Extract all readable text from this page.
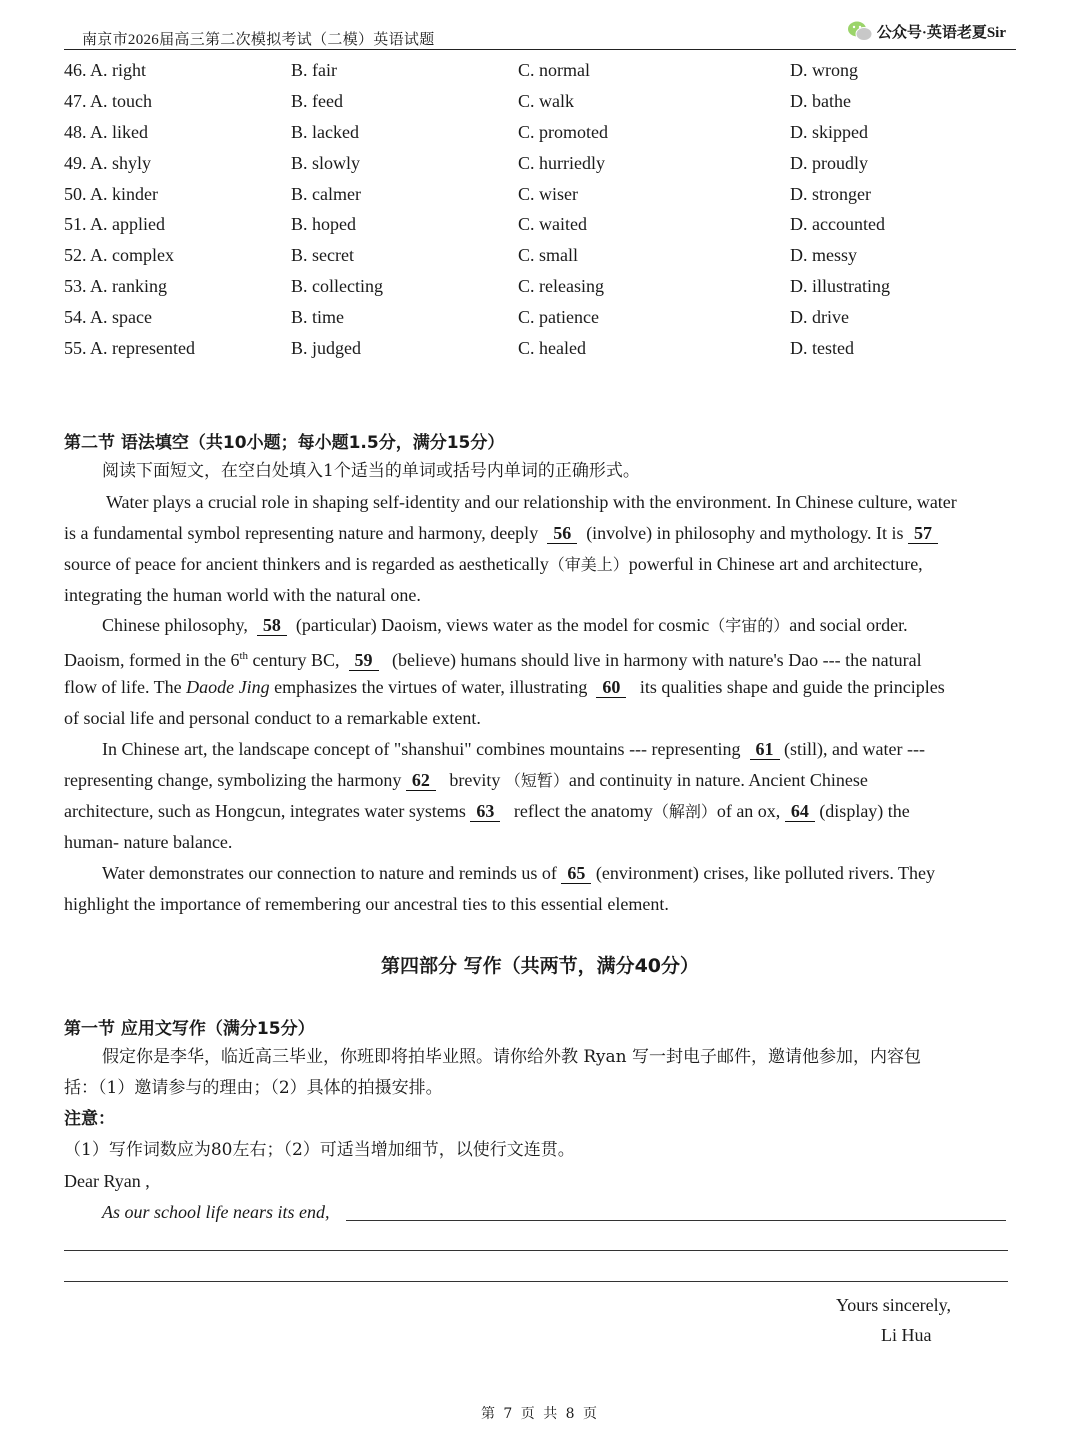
南京市2026届高三第二次模拟考试（二模）英语试题	公众号·英语老夏Sir
46. A. right	B. fair	C. normal	D. wrong
47. A. touch	B. feed	C. walk	D. bathe
48. A. liked	B. lacked	C. promoted	D. skipped
49. A. shyly	B. slowly	C. hurriedly	D. proudly
50. A. kinder	B. calmer	C. wiser	D. stronger
51. A. applied	B. hoped	C. waited	D. accounted
52. A. complex	B. secret	C. small	D. messy
53. A. ranking	B. collecting	C. releasing	D. illustrating
54. A. space	B. time	C. patience	D. drive
55. A. represented	B. judged	C. healed	D. tested
第二节 语法填空（共10小题；每小题1.5分，满分15分）
阅读下面短文，在空白处填入1个适当的单词或括号内单词的正确形式。
Water plays a crucial role in shaping self-identity and our relationship with the environment. In Chinese culture, water
is a fundamental symbol representing nature and harmony, deeply  56  (involve) in philosophy and mythology. It is 57
source of peace for ancient thinkers and is regarded as aesthetically（审美上）powerful in Chinese art and architecture,
integrating the human world with the natural one.
Chinese philosophy,  58  (particular) Daoism, views water as the model for cosmic（宇宙的）and social order.
Daoism, formed in the 6th century BC,  59   (believe) humans should live in harmony with nature's Dao --- the natural
flow of life. The Daode Jing emphasizes the virtues of water, illustrating  60   its qualities shape and guide the principles
of social life and personal conduct to a remarkable extent.
In Chinese art, the landscape concept of "shanshui" combines mountains --- representing  61 (still), and water ---
representing change, symbolizing the harmony 62   brevity （短暂）and continuity in nature. Ancient Chinese
architecture, such as Hongcun, integrates water systems 63   reflect the anatomy（解剖）of an ox, 64 (display) the
human- nature balance.
Water demonstrates our connection to nature and reminds us of 65 (environment) crises, like polluted rivers. They
highlight the importance of remembering our ancestral ties to this essential element.
第四部分 写作（共两节，满分40分）
第一节 应用文写作（满分15分）
假定你是李华，临近高三毕业，你班即将拍毕业照。请你给外教 Ryan 写一封电子邮件，邀请他参加，内容包
括：（1）邀请参与的理由；（2）具体的拍摄安排。
注意：
（1）写作词数应为80左右；（2）可适当增加细节，以使行文连贯。
Dear Ryan ,
As our school life nears its end,
Yours sincerely,
Li Hua
第 7 页 共 8 页
